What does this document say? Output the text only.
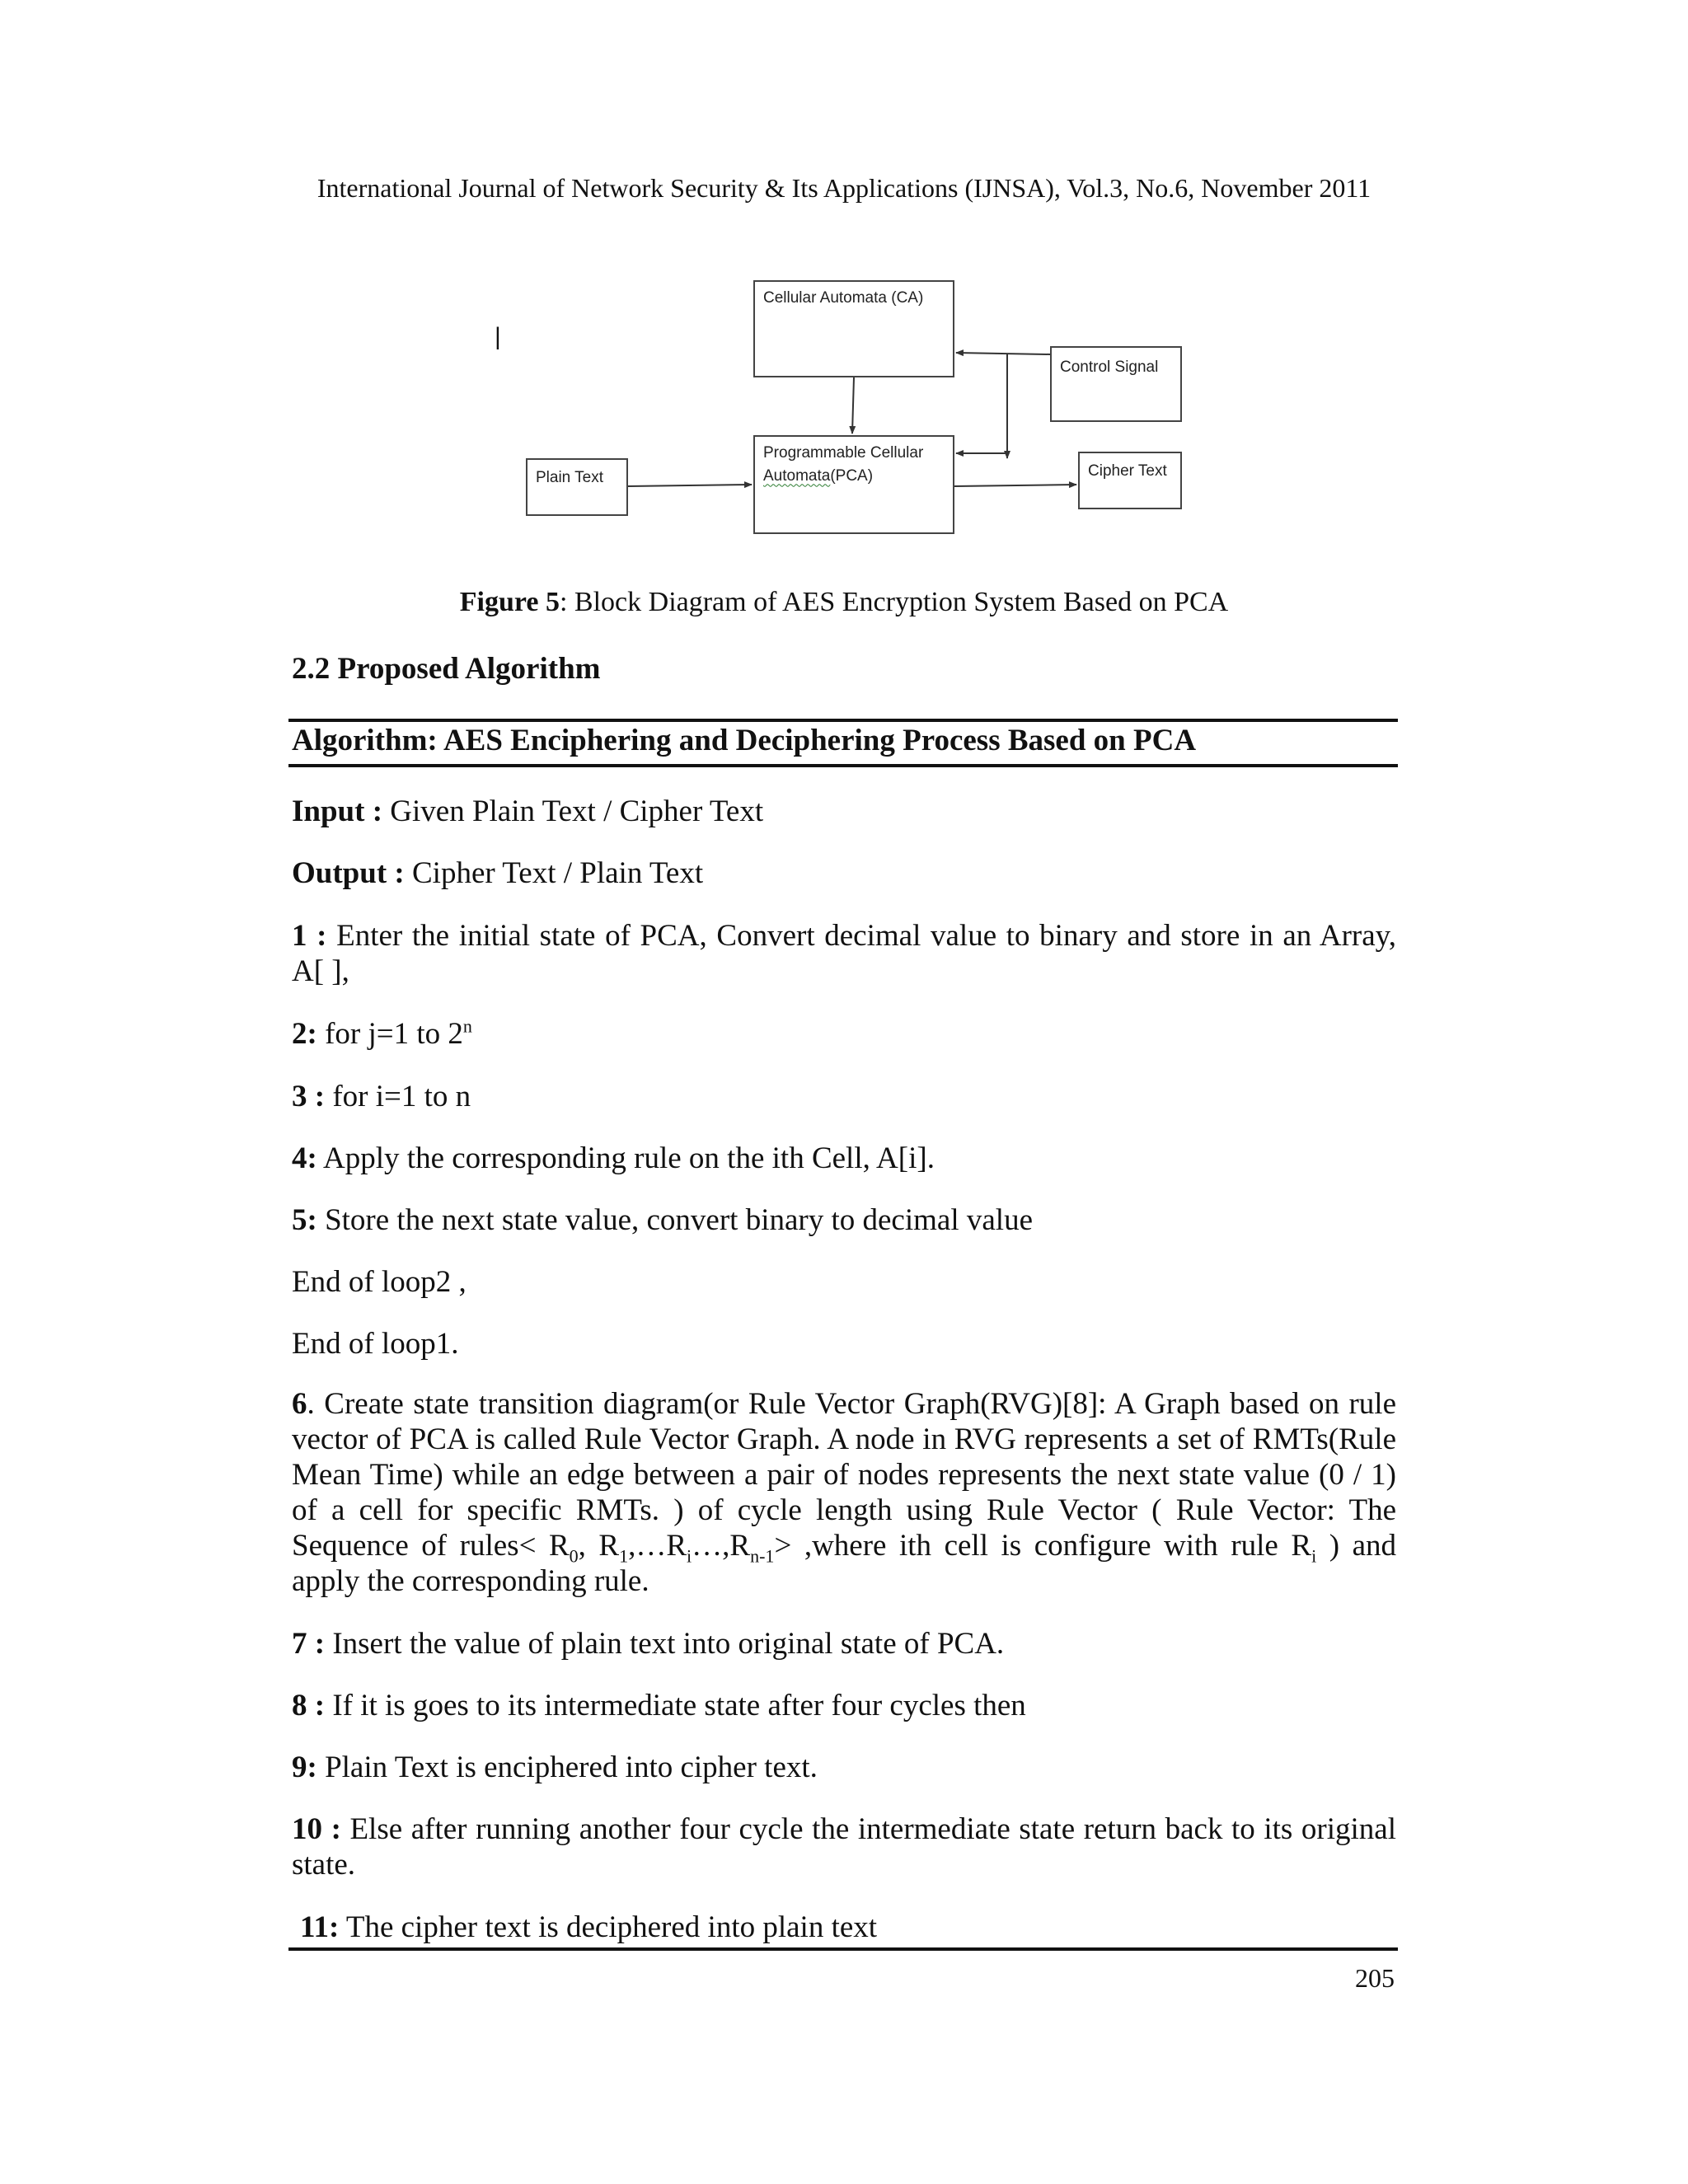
International Journal of Network Security & Its Applications (IJNSA), Vol.3, No.6, November 2011
|
Cellular Automata (CA)
Control Signal
Programmable Cellular
Automata(PCA)
Plain Text	Cipher Text
Figure 5: Block Diagram of AES Encryption System Based on PCA
2.2 Proposed Algorithm
Algorithm: AES Enciphering and Deciphering Process Based on PCA
Input : Given Plain Text / Cipher Text
Output : Cipher Text / Plain Text
1 : Enter the initial state of PCA, Convert decimal value to binary and store in an Array, A[ ],
2: for j=1 to 2$^n$
3 : for i=1 to n
4: Apply the corresponding rule on the ith Cell, A[i].
5: Store the next state value, convert binary to decimal value
End of loop2 ,
End of loop1.
6. Create state transition diagram(or Rule Vector Graph(RVG)[8]: A Graph based on rule vector of PCA is called Rule Vector Graph. A node in RVG represents a set of RMTs(Rule Mean Time) while an edge between a pair of nodes represents the next state value (0 / 1) of a cell for specific RMTs. ) of cycle length using Rule Vector ( Rule Vector: The Sequence of rules< $R_0$, $R_1,\dots R_i\dots,R_{n-1}>$ ,where ith cell is configure with rule $R_i$ ) and apply the corresponding rule.
7 : Insert the value of plain text into original state of PCA.
8 : If it is goes to its intermediate state after four cycles then
9: Plain Text is enciphered into cipher text.
10 : Else after running another four cycle the intermediate state return back to its original state.
11: The cipher text is deciphered into plain text
205
